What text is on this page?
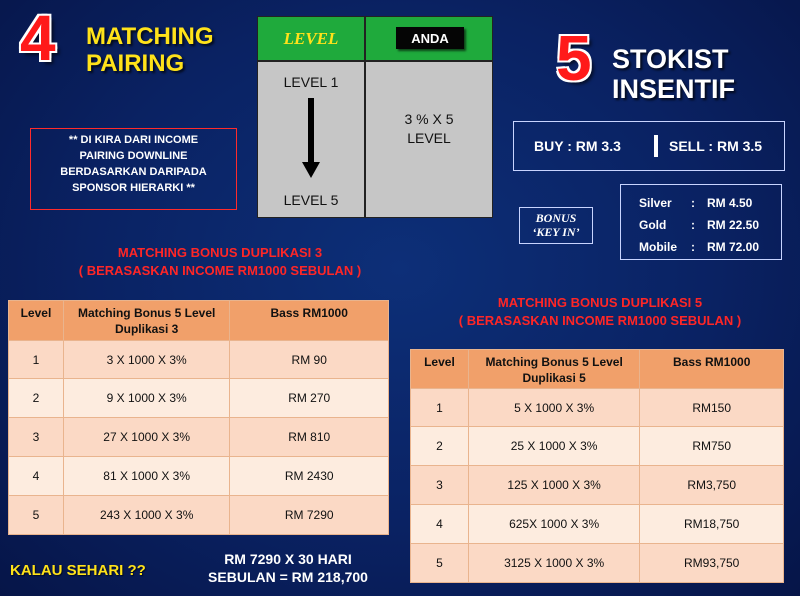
4 MATCHING
PAIRING
** DI KIRA DARI INCOME
PAIRING DOWNLINE
BERDASARKAN DARIPADA
SPONSOR HIERARKI **
LEVEL	ANDA
LEVEL 1
LEVEL 5
3 % X 5
LEVEL
5 STOKIST
INSENTIF
BUY : RM 3.3	SELL : RM 3.5
BONUS
‘KEY IN’
Silver	: RM 4.50
Gold : RM 22.50
Mobile : RM 72.00
MATCHING BONUS DUPLIKASI 3
( BERASASKAN INCOME RM1000 SEBULAN )
Level	Matching Bonus 5 Level Duplikasi 3	Bass RM1000
1	3 X 1000 X 3%	RM 90
2	9 X 1000 X 3%	RM 270
3	27 X 1000 X 3%	RM 810
4	81 X 1000 X 3%	RM 2430
5	243 X 1000 X 3%	RM 7290
MATCHING BONUS DUPLIKASI 5
( BERASASKAN INCOME RM1000 SEBULAN )
Level	Matching Bonus 5 Level Duplikasi 5	Bass RM1000
1	5 X 1000 X 3%	RM150
2	25 X 1000 X 3%	RM750
3	125 X 1000 X 3%	RM3,750
4	625X 1000 X 3%	RM18,750
5	3125 X 1000 X 3%	RM93,750
KALAU SEHARI ??
RM 7290 X 30 HARI
SEBULAN = RM 218,700
